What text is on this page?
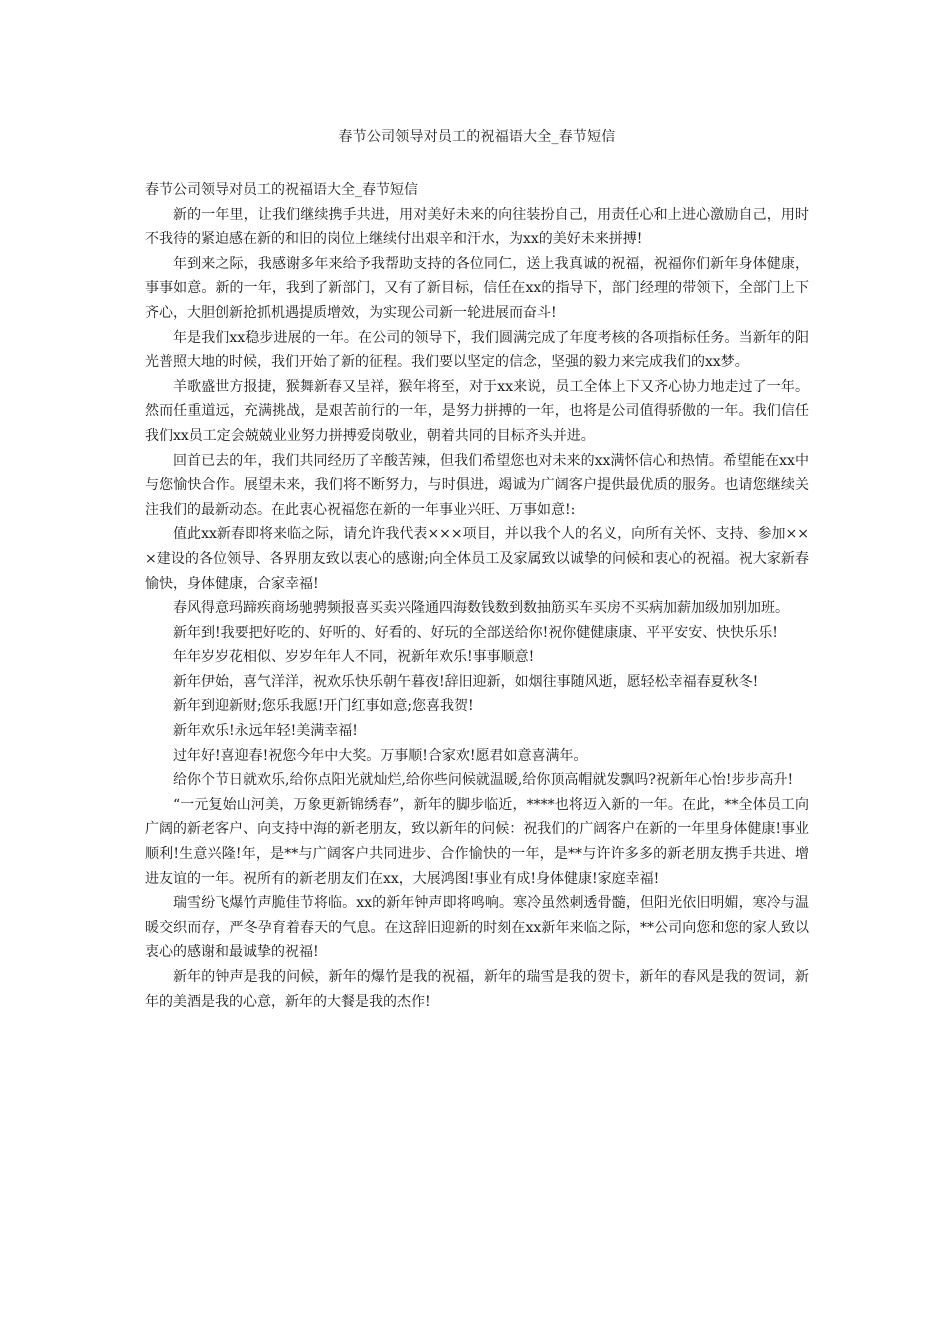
春节公司领导对员工的祝福语大全_春节短信
春节公司领导对员工的祝福语大全_春节短信

新的一年里，让我们继续携手共进，用对美好未来的向往装扮自己，用责任心和上进心激励自己，用时不我待的紧迫感在新的和旧的岗位上继续付出艰辛和汗水，为xx的美好未来拼搏!

年到来之际，我感谢多年来给予我帮助支持的各位同仁，送上我真诚的祝福，祝福你们新年身体健康，事事如意。新的一年，我到了新部门，又有了新目标，信任在xx的指导下，部门经理的带领下，全部门上下齐心，大胆创新抢抓机遇提质增效，为实现公司新一轮进展而奋斗!

年是我们xx稳步进展的一年。在公司的领导下，我们圆满完成了年度考核的各项指标任务。当新年的阳光普照大地的时候，我们开始了新的征程。我们要以坚定的信念，坚强的毅力来完成我们的xx梦。

羊歌盛世方报捷，猴舞新春又呈祥，猴年将至，对于xx来说，员工全体上下又齐心协力地走过了一年。然而任重道远，充满挑战，是艰苦前行的一年，是努力拼搏的一年，也将是公司值得骄傲的一年。我们信任我们xx员工定会兢兢业业努力拼搏爱岗敬业，朝着共同的目标齐头并进。

回首已去的年，我们共同经历了辛酸苦辣，但我们希望您也对未来的xx满怀信心和热情。希望能在xx中与您愉快合作。展望未来，我们将不断努力，与时俱进，竭诚为广阔客户提供最优质的服务。也请您继续关注我们的最新动态。在此衷心祝福您在新的一年事业兴旺、万事如意!:

值此xx新春即将来临之际，请允许我代表×××项目，并以我个人的名义，向所有关怀、支持、参加×××建设的各位领导、各界朋友致以衷心的感谢;向全体员工及家属致以诚挚的问候和衷心的祝福。祝大家新春愉快，身体健康，合家幸福!

春风得意玛蹄疾商场驰骋频报喜买卖兴隆通四海数钱数到数抽筋买车买房不买病加薪加级加别加班。

新年到!我要把好吃的、好听的、好看的、好玩的全部送给你!祝你健健康康、平平安安、快快乐乐!

年年岁岁花相似、岁岁年年人不同，祝新年欢乐!事事顺意!

新年伊始，喜气洋洋，祝欢乐快乐朝午暮夜!辞旧迎新，如烟往事随风逝，愿轻松幸福春夏秋冬!

新年到迎新财;您乐我愿!开门红事如意;您喜我贺!

新年欢乐!永远年轻!美满幸福!

过年好!喜迎春!祝您今年中大奖。万事顺!合家欢!愿君如意喜满年。

给你个节日就欢乐,给你点阳光就灿烂,给你些问候就温暖,给你顶高帽就发飘吗?祝新年心怡!步步高升!

“一元复始山河美，万象更新锦绣春”，新年的脚步临近，****也将迈入新的一年。在此，**全体员工向广阔的新老客户、向支持中海的新老朋友，致以新年的问候：祝我们的广阔客户在新的一年里身体健康!事业顺利!生意兴隆!年，是**与广阔客户共同进步、合作愉快的一年，是**与许许多多的新老朋友携手共进、增进友谊的一年。祝所有的新老朋友们在xx，大展鸿图!事业有成!身体健康!家庭幸福!

瑞雪纷飞爆竹声脆佳节将临。xx的新年钟声即将鸣响。寒冷虽然刺透骨髓，但阳光依旧明媚，寒冷与温暖交织而存，严冬孕育着春天的气息。在这辞旧迎新的时刻在xx新年来临之际，**公司向您和您的家人致以衷心的感谢和最诚挚的祝福!

新年的钟声是我的问候，新年的爆竹是我的祝福，新年的瑞雪是我的贺卡，新年的春风是我的贺词，新年的美酒是我的心意，新年的大餐是我的杰作!
